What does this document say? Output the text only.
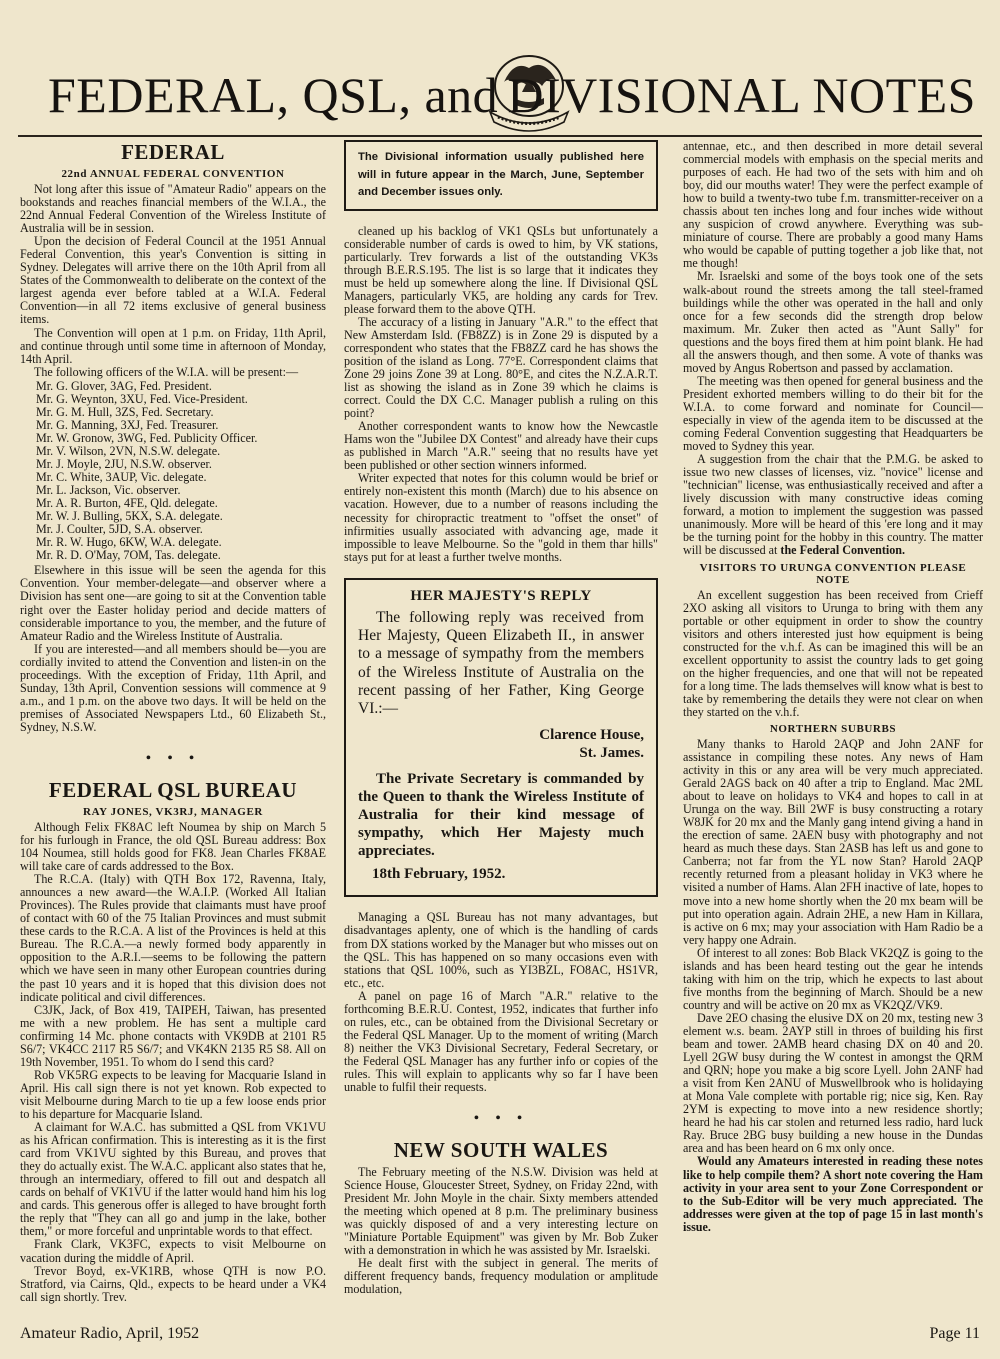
FEDERAL, QSL, and DIVISIONAL NOTES
FEDERAL
22nd ANNUAL FEDERAL CONVENTION

Not long after this issue of "Amateur Radio" appears on the bookstands and reaches financial members of the W.I.A., the 22nd Annual Federal Convention of the Wireless Institute of Australia will be in session.

Upon the decision of Federal Council at the 1951 Annual Federal Convention, this year's Convention is sitting in Sydney. Delegates will arrive there on the 10th April from all States of the Commonwealth to deliberate on the context of the largest agenda ever before tabled at a W.I.A. Federal Convention—in all 72 items exclusive of general business items.

The Convention will open at 1 p.m. on Friday, 11th April, and continue through until some time in afternoon of Monday, 14th April.

The following officers of the W.I.A. will be present:—

Mr. G. Glover, 3AG, Fed. President.
Mr. G. Weynton, 3XU, Fed. Vice-President.
Mr. G. M. Hull, 3ZS, Fed. Secretary.
Mr. G. Manning, 3XJ, Fed. Treasurer.
Mr. W. Gronow, 3WG, Fed. Publicity Officer.
Mr. V. Wilson, 2VN, N.S.W. delegate.
Mr. J. Moyle, 2JU, N.S.W. observer.
Mr. C. White, 3AUP, Vic. delegate.
Mr. L. Jackson, Vic. observer.
Mr. A. R. Burton, 4FE, Qld. delegate.
Mr. W. J. Bulling, 5KX, S.A. delegate.
Mr. J. Coulter, 5JD, S.A. observer.
Mr. R. W. Hugo, 6KW, W.A. delegate.
Mr. R. D. O'May, 7OM, Tas. delegate.

Elsewhere in this issue will be seen the agenda for this Convention. Your member-delegate—and observer where a Division has sent one—are going to sit at the Convention table right over the Easter holiday period and decide matters of considerable importance to you, the member, and the future of Amateur Radio and the Wireless Institute of Australia.

If you are interested—and all members should be—you are cordially invited to attend the Convention and listen-in on the proceedings. With the exception of Friday, 11th April, and Sunday, 13th April, Convention sessions will commence at 9 a.m., and 1 p.m. on the above two days. It will be held on the premises of Associated Newspapers Ltd., 60 Elizabeth St., Sydney, N.S.W.

• • •
FEDERAL QSL BUREAU
RAY JONES, VK3RJ, MANAGER

Although Felix FK8AC left Noumea by ship on March 5 for his furlough in France, the old QSL Bureau address: Box 104 Noumea, still holds good for FK8. Jean Charles FK8AE will take care of cards addressed to the Box.

The R.C.A. (Italy) with QTH Box 172, Ravenna, Italy, announces a new award—the W.A.I.P. (Worked All Italian Provinces). The Rules provide that claimants must have proof of contact with 60 of the 75 Italian Provinces and must submit these cards to the R.C.A. A list of the Provinces is held at this Bureau. The R.C.A.—a newly formed body apparently in opposition to the A.R.I.—seems to be following the pattern which we have seen in many other European countries during the past 10 years and it is hoped that this division does not indicate political and civil differences.

C3JK, Jack, of Box 419, TAIPEH, Taiwan, has presented me with a new problem. He has sent a multiple card confirming 14 Mc. phone contacts with VK9DB at 2101 R5 S6/7; VK4CC 2117 R5 S6/7; and VK4KN 2135 R5 S8. All on 19th November, 1951. To whom do I send this card?

Rob VK5RG expects to be leaving for Macquarie Island in April. His call sign there is not yet known. Rob expected to visit Melbourne during March to tie up a few loose ends prior to his departure for Macquarie Island.

A claimant for W.A.C. has submitted a QSL from VK1VU as his African confirmation. This is interesting as it is the first card from VK1VU sighted by this Bureau, and proves that they do actually exist. The W.A.C. applicant also states that he, through an intermediary, offered to fill out and despatch all cards on behalf of VK1VU if the latter would hand him his log and cards. This generous offer is alleged to have brought forth the reply that "They can all go and jump in the lake, bother them," or more forceful and unprintable words to that effect.

Frank Clark, VK3FC, expects to visit Melbourne on vacation during the middle of April.

Trevor Boyd, ex-VK1RB, whose QTH is now P.O. Stratford, via Cairns, Qld., expects to be heard under a VK4 call sign shortly. Trev.

The Divisional information usually published here will in future appear in the March, June, September and December issues only.

cleaned up his backlog of VK1 QSLs but unfortunately a considerable number of cards is owed to him, by VK stations, particularly. Trev forwards a list of the outstanding VK3s through B.E.R.S.195. The list is so large that it indicates they must be held up somewhere along the line. If Divisional QSL Managers, particularly VK5, are holding any cards for Trev. please forward them to the above QTH.

The accuracy of a listing in January "A.R." to the effect that New Amsterdam Isld. (FB8ZZ) is in Zone 29 is disputed by a correspondent who states that the FB8ZZ card he has shows the position of the island as Long. 77°E. Correspondent claims that Zone 29 joins Zone 39 at Long. 80°E, and cites the N.Z.A.R.T. list as showing the island as in Zone 39 which he claims is correct. Could the DX C.C. Manager publish a ruling on this point?

Another correspondent wants to know how the Newcastle Hams won the "Jubilee DX Contest" and already have their cups as published in March "A.R." seeing that no results have yet been published or other section winners informed.

Writer expected that notes for this column would be brief or entirely non-existent this month (March) due to his absence on vacation. However, due to a number of reasons including the necessity for chiropractic treatment to "offset the onset" of infirmities usually associated with advancing age, made it impossible to leave Melbourne. So the "gold in them thar hills" stays put for at least a further twelve months.

HER MAJESTY'S REPLY

The following reply was received from Her Majesty, Queen Elizabeth II., in answer to a message of sympathy from the members of the Wireless Institute of Australia on the recent passing of her Father, King George VI.:—

Clarence House,
St. James.

The Private Secretary is commanded by the Queen to thank the Wireless Institute of Australia for their kind message of sympathy, which Her Majesty much appreciates.

18th February, 1952.

Managing a QSL Bureau has not many advantages, but disadvantages aplenty, one of which is the handling of cards from DX stations worked by the Manager but who misses out on the QSL. This has happened on so many occasions even with stations that QSL 100%, such as YI3BZL, FO8AC, HS1VR, etc., etc.

A panel on page 16 of March "A.R." relative to the forthcoming B.E.R.U. Contest, 1952, indicates that further info on rules, etc., can be obtained from the Divisional Secretary or the Federal QSL Manager. Up to the moment of writing (March 8) neither the VK3 Divisional Secretary, Federal Secretary, or the Federal QSL Manager has any further info or copies of the rules. This will explain to applicants why so far I have been unable to fulfil their requests.

• • •
NEW SOUTH WALES

The February meeting of the N.S.W. Division was held at Science House, Gloucester Street, Sydney, on Friday 22nd, with President Mr. John Moyle in the chair. Sixty members attended the meeting which opened at 8 p.m. The preliminary business was quickly disposed of and a very interesting lecture on "Miniature Portable Equipment" was given by Mr. Bob Zuker with a demonstration in which he was assisted by Mr. Israelski.

He dealt first with the subject in general. The merits of different frequency bands, frequency modulation or amplitude modulation,

antennae, etc., and then described in more detail several commercial models with emphasis on the special merits and purposes of each. He had two of the sets with him and oh boy, did our mouths water! They were the perfect example of how to build a twenty-two tube f.m. transmitter-receiver on a chassis about ten inches long and four inches wide without any suspicion of crowd anywhere. Everything was sub-miniature of course. There are probably a good many Hams who would be capable of putting together a job like that, not me though!

Mr. Israelski and some of the boys took one of the sets walk-about round the streets among the tall steel-framed buildings while the other was operated in the hall and only once for a few seconds did the strength drop below maximum. Mr. Zuker then acted as "Aunt Sally" for questions and the boys fired them at him point blank. He had all the answers though, and then some. A vote of thanks was moved by Angus Robertson and passed by acclamation.

The meeting was then opened for general business and the President exhorted members willing to do their bit for the W.I.A. to come forward and nominate for Council—especially in view of the agenda item to be discussed at the coming Federal Convention suggesting that Headquarters be moved to Sydney this year.

A suggestion from the chair that the P.M.G. be asked to issue two new classes of licenses, viz. "novice" license and "technician" license, was enthusiastically received and after a lively discussion with many constructive ideas coming forward, a motion to implement the suggestion was passed unanimously. More will be heard of this 'ere long and it may be the turning point for the hobby in this country. The matter will be discussed at the Federal Convention.

VISITORS TO URUNGA CONVENTION PLEASE NOTE

An excellent suggestion has been received from Crieff 2XO asking all visitors to Urunga to bring with them any portable or other equipment in order to show the country visitors and others interested just how equipment is being constructed for the v.h.f. As can be imagined this will be an excellent opportunity to assist the country lads to get going on the higher frequencies, and one that will not be repeated for a long time. The lads themselves will know what is best to take by remembering the details they were not clear on when they started on the v.h.f.

NORTHERN SUBURBS

Many thanks to Harold 2AQP and John 2ANF for assistance in compiling these notes. Any news of Ham activity in this or any area will be very much appreciated. Gerald 2AGS back on 40 after a trip to England. Mac 2ML about to leave on holidays to VK4 and hopes to call in at Urunga on the way. Bill 2WF is busy constructing a rotary W8JK for 20 mx and the Manly gang intend giving a hand in the erection of same. 2AEN busy with photography and not heard as much these days. Stan 2ASB has left us and gone to Canberra; not far from the YL now Stan? Harold 2AQP recently returned from a pleasant holiday in VK3 where he visited a number of Hams. Alan 2FH inactive of late, hopes to move into a new home shortly when the 20 mx beam will be put into operation again. Adrain 2HE, a new Ham in Killara, is active on 6 mx; may your association with Ham Radio be a very happy one Adrain.

Of interest to all zones: Bob Black VK2QZ is going to the islands and has been heard testing out the gear he intends taking with him on the trip, which he expects to last about five months from the beginning of March. Should be a new country and will be active on 20 mx as VK2QZ/VK9.

Dave 2EO chasing the elusive DX on 20 mx, testing new 3 element w.s. beam. 2AYP still in throes of building his first beam and tower. 2AMB heard chasing DX on 40 and 20. Lyell 2GW busy during the W contest in amongst the QRM and QRN; hope you make a big score Lyell. John 2ANF had a visit from Ken 2ANU of Muswellbrook who is holidaying at Mona Vale complete with portable rig; nice sig, Ken. Ray 2YM is expecting to move into a new residence shortly; heard he had his car stolen and returned less radio, hard luck Ray. Bruce 2BG busy building a new house in the Dundas area and has been heard on 6 mx only once.

Would any Amateurs interested in reading these notes like to help compile them? A short note covering the Ham activity in your area sent to your Zone Correspondent or to the Sub-Editor will be very much appreciated. The addresses were given at the top of page 15 in last month's issue.

Amateur Radio, April, 1952	Page 11
